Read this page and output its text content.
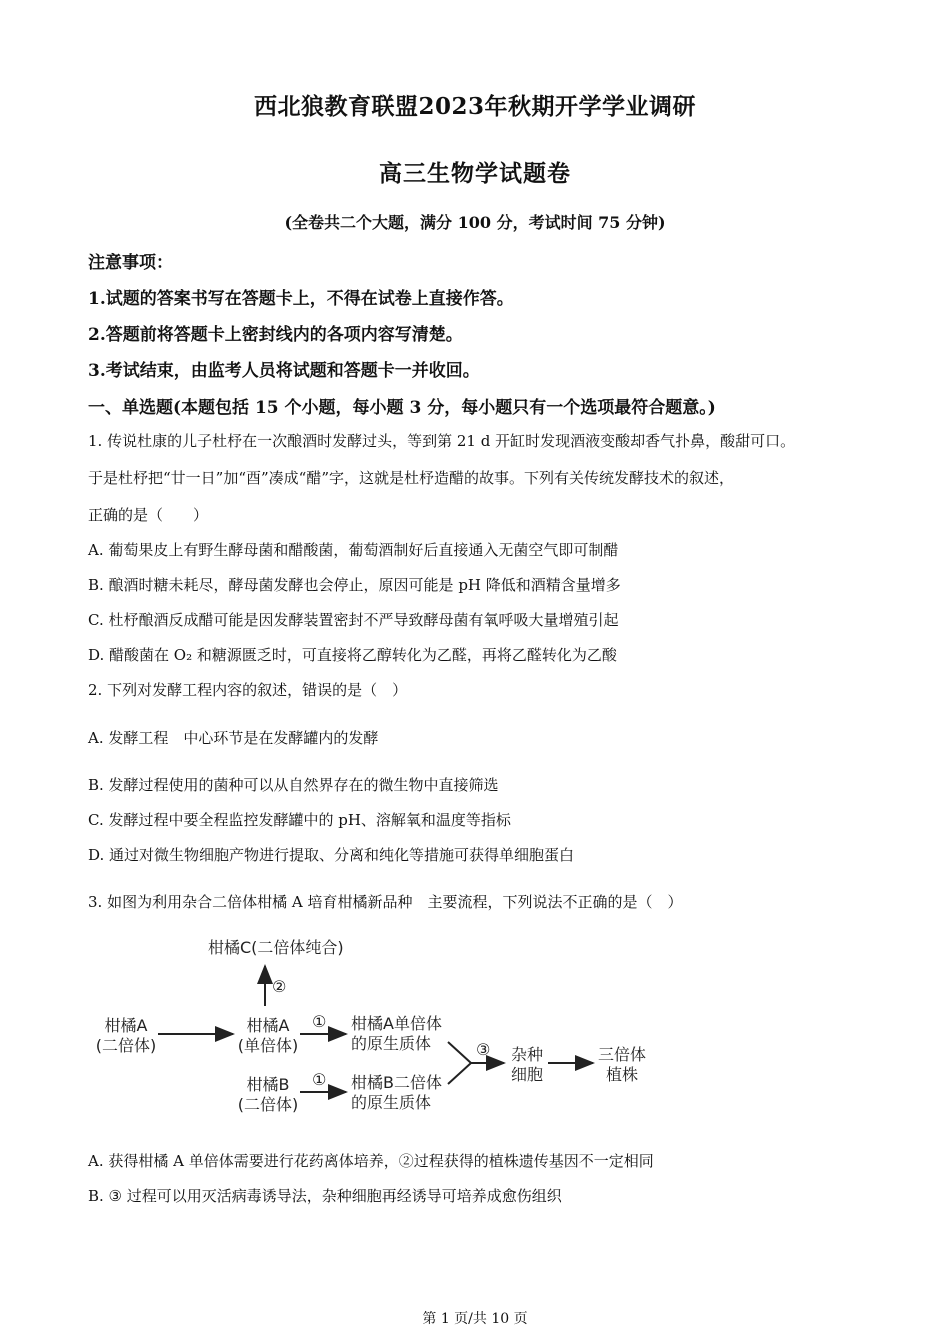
西北狼教育联盟2023年秋期开学学业调研
高三生物学试题卷
(全卷共二个大题，满分 100 分，考试时间 75 分钟)
注意事项：
1.试题的答案书写在答题卡上，不得在试卷上直接作答。
2.答题前将答题卡上密封线内的各项内容写清楚。
3.考试结束，由监考人员将试题和答题卡一并收回。
一、单选题(本题包括 15 个小题，每小题 3 分，每小题只有一个选项最符合题意。)
1. 传说杜康的儿子杜杼在一次酿酒时发酵过头，等到第 21 d 开缸时发现酒液变酸却香气扑鼻，酸甜可口。
于是杜杼把“廿一日”加“酉”凑成“醋”字，这就是杜杼造醋的故事。下列有关传统发酵技术的叙述，
正确的是（　　）
A. 葡萄果皮上有野生酵母菌和醋酸菌，葡萄酒制好后直接通入无菌空气即可制醋
B. 酿酒时糖未耗尽，酵母菌发酵也会停止，原因可能是 pH 降低和酒精含量增多
C. 杜杼酿酒反成醋可能是因发酵装置密封不严导致酵母菌有氧呼吸大量增殖引起
D. 醋酸菌在 O₂ 和糖源匮乏时，可直接将乙醇转化为乙醛，再将乙醛转化为乙酸
2. 下列对发酵工程内容的叙述，错误的是（　）
A. 发酵工程　中心环节是在发酵罐内的发酵
B. 发酵过程使用的菌种可以从自然界存在的微生物中直接筛选
C. 发酵过程中要全程监控发酵罐中的 pH、溶解氧和温度等指标
D. 通过对微生物细胞产物进行提取、分离和纯化等措施可获得单细胞蛋白
3. 如图为利用杂合二倍体柑橘 A 培育柑橘新品种　主要流程，下列说法不正确的是（　）
柑橘C(二倍体纯合)
②
柑橘A
(二倍体)
柑橘A
(单倍体)
① 柑橘A单倍体
的原生质体
柑橘B
(二倍体)
① 柑橘B二倍体
的原生质体
③	杂种
细胞
三倍体
植株
A. 获得柑橘 A 单倍体需要进行花药离体培养，②过程获得的植株遗传基因不一定相同
B. ③ 过程可以用灭活病毒诱导法，杂种细胞再经诱导可培养成愈伤组织
第 1 页/共 10 页
